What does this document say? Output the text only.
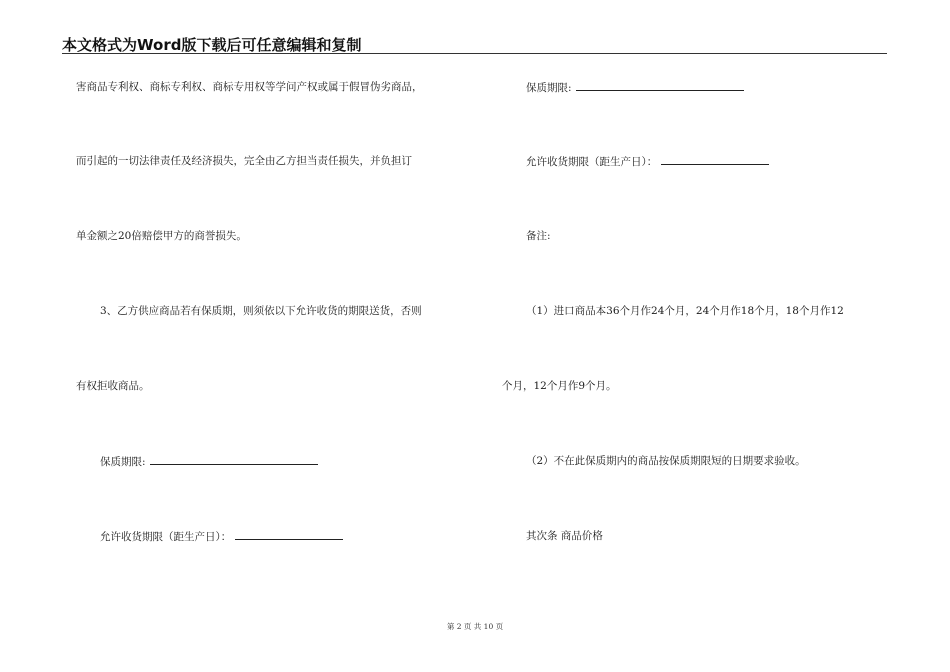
本文格式为Word版下载后可任意编辑和复制
害商品专利权、商标专利权、商标专用权等学问产权或属于假冒伪劣商品，
而引起的一切法律责任及经济损失，完全由乙方担当责任损失，并负担订
单金额之20倍赔偿甲方的商誉损失。
3、乙方供应商品若有保质期，则须依以下允许收货的期限送货，否则
有权拒收商品。
保质期限:
允许收货期限（距生产日）：
保质期限:
允许收货期限（距生产日）：
备注:
（1）进口商品本36个月作24个月，24个月作18个月，18个月作12
个月，12个月作9个月。
（2）不在此保质期内的商品按保质期限短的日期要求验收。
其次条 商品价格
第 2 页 共 10 页
